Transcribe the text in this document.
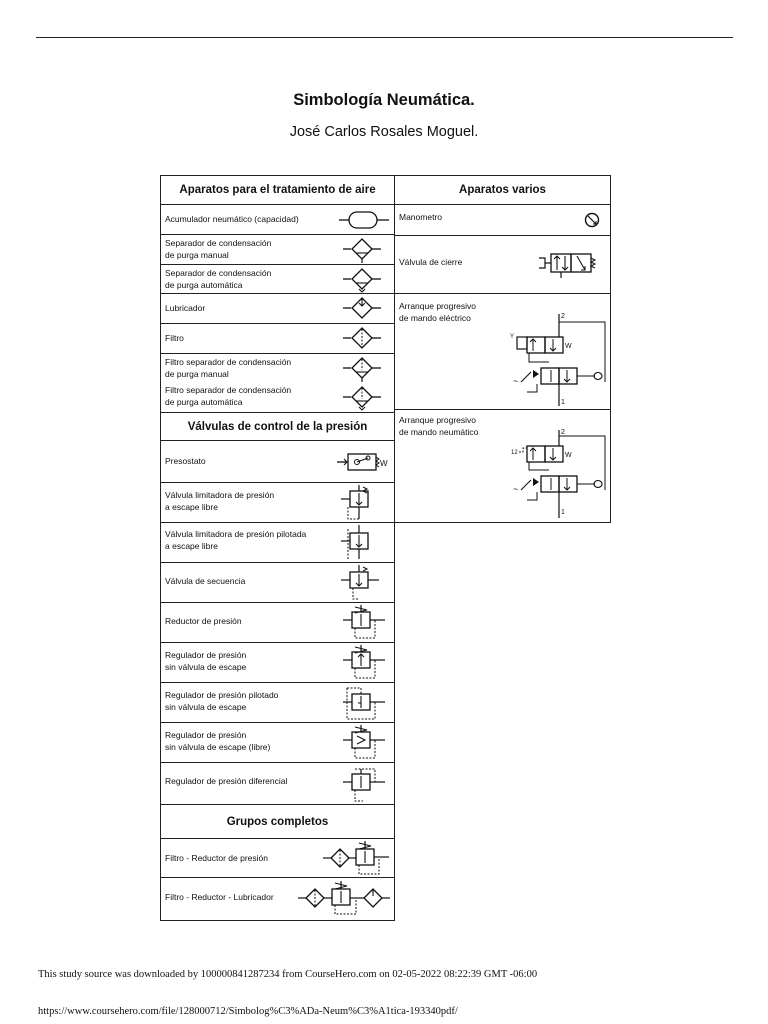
Simbología Neumática.
José Carlos Rosales Moguel.
Aparatos para el tratamiento de aire
Acumulador neumático (capacidad)
Separador de condensación
de purga manual
Separador de condensación
de purga automática
Lubricador
Filtro
Filtro separador de condensación
de purga manual
Filtro separador de condensación
de purga automática
Válvulas de control de la presión
Presostato	W
Válvula limitadora de presión
a escape libre
Válvula limitadora de presión pilotada
a escape libre
Válvula de secuencia
Reductor de presión
Regulador de presión
sin válvula de escape
Regulador de presión pilotado
sin válvula de escape
Regulador de presión
sin válvula de escape (libre)
Regulador de presión diferencial
Grupos completos
Filtro - Reductor de presión
Filtro - Reductor - Lubricador
Aparatos varios
Manometro
Válvula de cierre
Arranque progresivo
de mando eléctrico	2
Y
W
~
1
Arranque progresivo
de mando neumático	2
12	W
~
1
This study source was downloaded by 100000841287234 from CourseHero.com on 02-05-2022 08:22:39 GMT -06:00
https://www.coursehero.com/file/128000712/Simbolog%C3%ADa-Neum%C3%A1tica-193340pdf/
